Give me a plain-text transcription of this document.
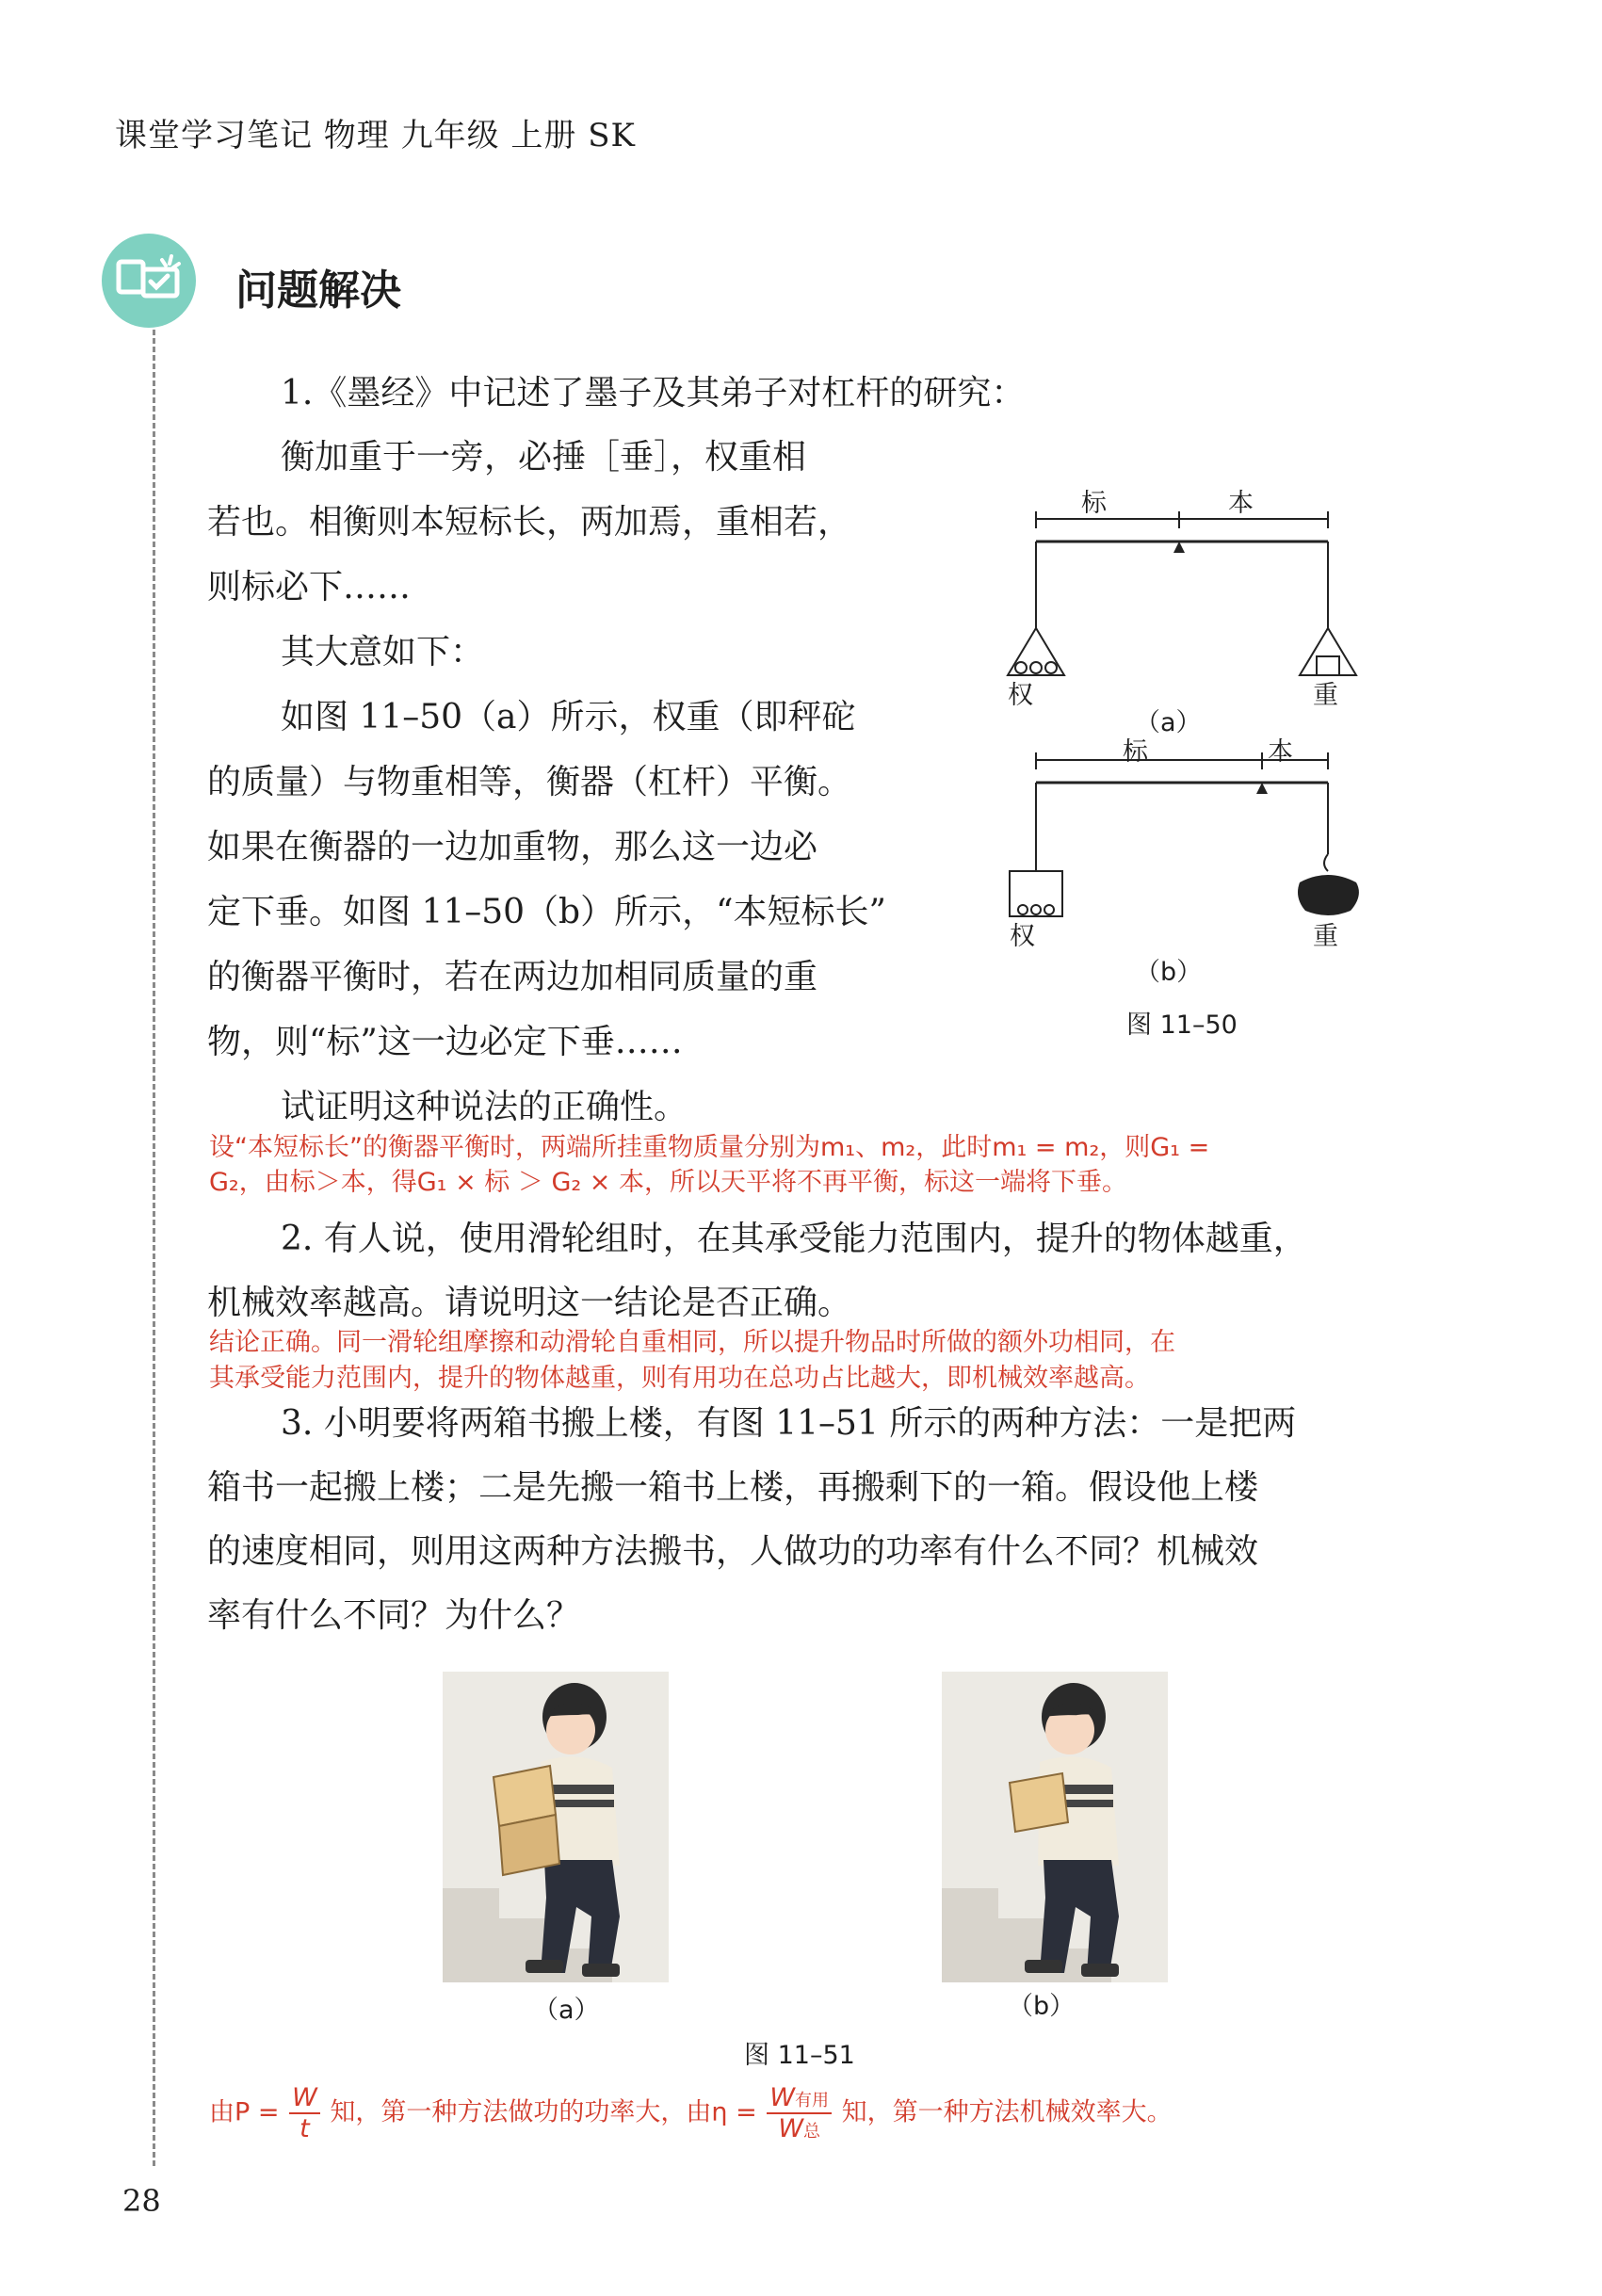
课堂学习笔记 物理 九年级 上册 SK
问题解决
1.《墨经》中记述了墨子及其弟子对杠杆的研究：
衡加重于一旁，必捶［垂］，权重相
若也。相衡则本短标长，两加焉，重相若，
则标必下……
其大意如下：
如图 11–50（a）所示，权重（即秤砣
的质量）与物重相等，衡器（杠杆）平衡。
如果在衡器的一边加重物，那么这一边必
定下垂。如图 11–50（b）所示，“本短标长”
的衡器平衡时，若在两边加相同质量的重
物，则“标”这一边必定下垂……
试证明这种说法的正确性。
设“本短标长”的衡器平衡时，两端所挂重物质量分别为m₁、m₂，此时m₁ = m₂，则G₁ =
G₂，由标＞本，得G₁ × 标 ＞ G₂ × 本，所以天平将不再平衡，标这一端将下垂。
标	本
权	重
（a）
标	本
权	重
（b）
图 11–50
2. 有人说，使用滑轮组时，在其承受能力范围内，提升的物体越重，
机械效率越高。请说明这一结论是否正确。
结论正确。同一滑轮组摩擦和动滑轮自重相同，所以提升物品时所做的额外功相同，在
其承受能力范围内，提升的物体越重，则有用功在总功占比越大，即机械效率越高。
3. 小明要将两箱书搬上楼，有图 11–51 所示的两种方法：一是把两
箱书一起搬上楼；二是先搬一箱书上楼，再搬剩下的一箱。假设他上楼
的速度相同，则用这两种方法搬书，人做功的功率有什么不同？机械效
率有什么不同？为什么？
（a）	（b）
图 11–51
由$P = \frac{W}{t}$ 知，第一种方法做功的功率大，由$\eta = \frac{\text{W有用}}{\text{W总}}$ 知，第一种方法机械效率大。
28
